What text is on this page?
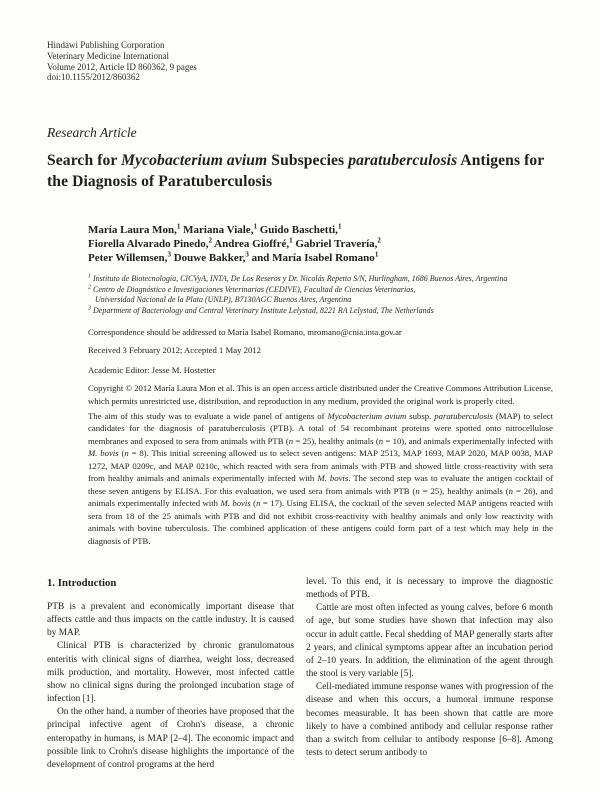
Hindawi Publishing Corporation
Veterinary Medicine International
Volume 2012, Article ID 860362, 9 pages
doi:10.1155/2012/860362
Research Article
Search for Mycobacterium avium Subspecies paratuberculosis Antigens for the Diagnosis of Paratuberculosis
María Laura Mon,$^1$ Mariana Viale,$^1$ Guido Baschetti,$^1$
Fiorella Alvarado Pinedo,$^2$ Andrea Gioffré,$^1$ Gabriel Travería,$^2$
Peter Willemsen,$^3$ Douwe Bakker,$^3$ and María Isabel Romano$^1$
$^1$ Instituto de Biotecnología, CICVyA, INTA, De Los Reseros y Dr. Nicolás Repetto S/N, Hurlingham, 1686 Buenos Aires, Argentina
$^2$ Centro de Diagnóstico e Investigaciones Veterinarias (CEDIVE), Facultad de Ciencias Veterinarias,
Universidad Nacional de la Plata (UNLP), B7130AGC Buenos Aires, Argentina
$^3$ Department of Bacteriology and Central Veterinary Institute Lelystad, 8221 RA Lelystad, The Netherlands
Correspondence should be addressed to María Isabel Romano, mromano@cnia.inta.gov.ar
Received 3 February 2012; Accepted 1 May 2012
Academic Editor: Jesse M. Hostetter
Copyright © 2012 María Laura Mon et al. This is an open access article distributed under the Creative Commons Attribution License, which permits unrestricted use, distribution, and reproduction in any medium, provided the original work is properly cited.
The aim of this study was to evaluate a wide panel of antigens of Mycobacterium avium subsp. paratuberculosis (MAP) to select candidates for the diagnosis of paratuberculosis (PTB). A total of 54 recombinant proteins were spotted onto nitrocellulose membranes and exposed to sera from animals with PTB (n = 25), healthy animals (n = 10), and animals experimentally infected with M. bovis (n = 8). This initial screening allowed us to select seven antigens: MAP 2513, MAP 1693, MAP 2020, MAP 0038, MAP 1272, MAP 0209c, and MAP 0210c, which reacted with sera from animals with PTB and showed little cross-reactivity with sera from healthy animals and animals experimentally infected with M. bovis. The second step was to evaluate the antigen cocktail of these seven antigens by ELISA. For this evaluation, we used sera from animals with PTB (n = 25), healthy animals (n = 26), and animals experimentally infected with M. bovis (n = 17). Using ELISA, the cocktail of the seven selected MAP antigens reacted with sera from 18 of the 25 animals with PTB and did not exhibit cross-reactivity with healthy animals and only low reactivity with animals with bovine tuberculosis. The combined application of these antigens could form part of a test which may help in the diagnosis of PTB.
1. Introduction

PTB is a prevalent and economically important disease that affects cattle and thus impacts on the cattle industry. It is caused by MAP.

Clinical PTB is characterized by chronic granulomatous enteritis with clinical signs of diarrhea, weight loss, decreased milk production, and mortality. However, most infected cattle show no clinical signs during the prolonged incubation stage of infection [1].

On the other hand, a number of theories have proposed that the principal infective agent of Crohn's disease, a chronic enteropathy in humans, is MAP [2–4]. The economic impact and possible link to Crohn's disease highlights the importance of the development of control programs at the herd

level. To this end, it is necessary to improve the diagnostic methods of PTB.

Cattle are most often infected as young calves, before 6 month of age, but some studies have shown that infection may also occur in adult cattle. Fecal shedding of MAP generally starts after 2 years, and clinical symptoms appear after an incubation period of 2–10 years. In addition, the elimination of the agent through the stool is very variable [5].

Cell-mediated immune response wanes with progression of the disease and when this occurs, a humoral immune response becomes measurable. It has been shown that cattle are more likely to have a combined antibody and cellular response rather than a switch from cellular to antibody response [6–8]. Among tests to detect serum antibody to
